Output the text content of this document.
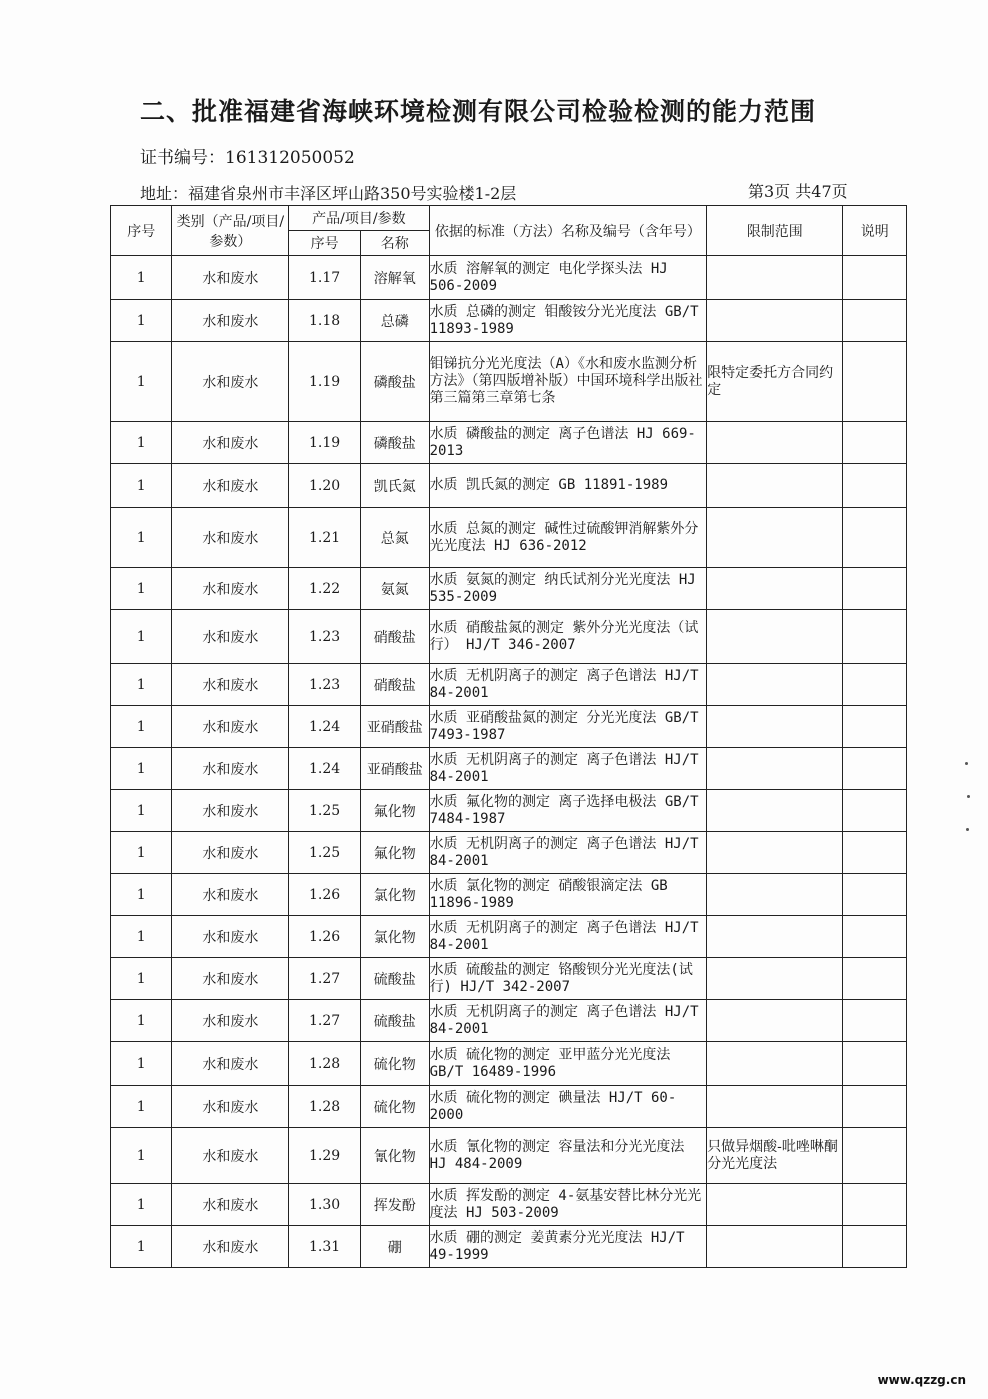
二、批准福建省海峡环境检测有限公司检验检测的能力范围
证书编号：161312050052
地址：福建省泉州市丰泽区坪山路350号实验楼1-2层	第3页 共47页
序号	类别（产品/项目/参数）	产品/项目/参数		依据的标准（方法）名称及编号（含年号）	限制范围	说明
		序号	名称			
1	水和废水	1.17	溶解氧	水质 溶解氧的测定 电化学探头法 HJ 506-2009		
1	水和废水	1.18	总磷	水质 总磷的测定 钼酸铵分光光度法 GB/T 11893-1989		
1	水和废水	1.19	磷酸盐	钼锑抗分光光度法（A）《水和废水监测分析方法》（第四版增补版）中国环境科学出版社 第三篇第三章第七条	限特定委托方合同约定	
1	水和废水	1.19	磷酸盐	水质 磷酸盐的测定 离子色谱法 HJ 669-2013		
1	水和废水	1.20	凯氏氮	水质 凯氏氮的测定 GB 11891-1989		
1	水和废水	1.21	总氮	水质 总氮的测定 碱性过硫酸钾消解紫外分光光度法 HJ 636-2012		
1	水和废水	1.22	氨氮	水质 氨氮的测定 纳氏试剂分光光度法 HJ 535-2009		
1	水和废水	1.23	硝酸盐	水质 硝酸盐氮的测定 紫外分光光度法（试行） HJ/T 346-2007		
1	水和废水	1.23	硝酸盐	水质 无机阴离子的测定 离子色谱法 HJ/T 84-2001		
1	水和废水	1.24	亚硝酸盐	水质 亚硝酸盐氮的测定 分光光度法 GB/T 7493-1987		
1	水和废水	1.24	亚硝酸盐	水质 无机阴离子的测定 离子色谱法 HJ/T 84-2001		
1	水和废水	1.25	氟化物	水质 氟化物的测定 离子选择电极法 GB/T 7484-1987		
1	水和废水	1.25	氟化物	水质 无机阴离子的测定 离子色谱法 HJ/T 84-2001		
1	水和废水	1.26	氯化物	水质 氯化物的测定 硝酸银滴定法 GB 11896-1989		
1	水和废水	1.26	氯化物	水质 无机阴离子的测定 离子色谱法 HJ/T 84-2001		
1	水和废水	1.27	硫酸盐	水质 硫酸盐的测定 铬酸钡分光光度法(试行) HJ/T 342-2007		
1	水和废水	1.27	硫酸盐	水质 无机阴离子的测定 离子色谱法 HJ/T 84-2001		
1	水和废水	1.28	硫化物	水质 硫化物的测定 亚甲蓝分光光度法 GB/T 16489-1996		
1	水和废水	1.28	硫化物	水质 硫化物的测定 碘量法 HJ/T 60-2000		
1	水和废水	1.29	氰化物	水质 氰化物的测定 容量法和分光光度法 HJ 484-2009	只做异烟酸-吡唑啉酮分光光度法	
1	水和废水	1.30	挥发酚	水质 挥发酚的测定 4-氨基安替比林分光光度法 HJ 503-2009		
1	水和废水	1.31	硼	水质 硼的测定 姜黄素分光光度法 HJ/T 49-1999		
www.qzzg.cn
